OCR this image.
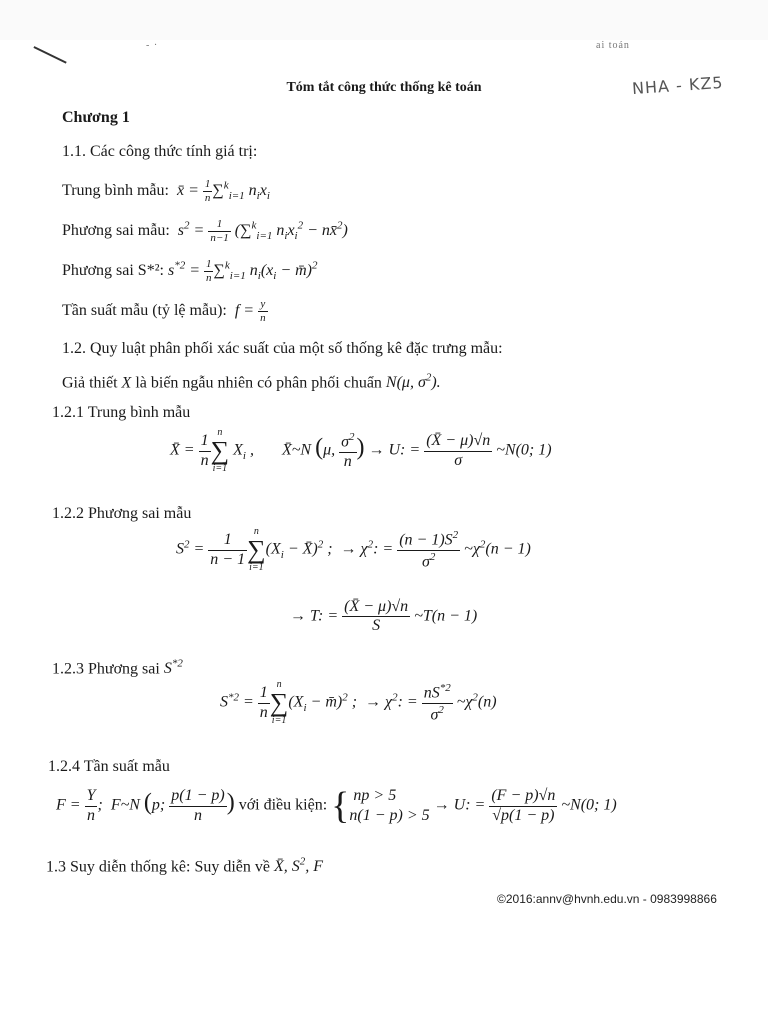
- ·	ai toán
Tóm tắt công thức thống kê toán	NHA - KZ5
Chương 1
1.1. Các công thức tính giá trị:
Trung bình mẫu: x̄ = $\frac{1}{n} \sum^k_{i=1}$ $n_ix_i$
Phương sai mẫu: $s^2 = \frac{1}{n-1} (\sum^k_{i=1}$ $n_ix_i^2$ − nx̄$^2$)
Phương sai S*²: $s^{*2} = \frac{1}{n} \sum^k_{i=1}$ $n_i(x_i$ − m̄)$^2$
Tần suất mẫu (tỷ lệ mẫu): $f = \frac{y}{n}$
1.2. Quy luật phân phối xác suất của một số thống kê đặc trưng mẫu:
Giả thiết X là biến ngẫu nhiên có phân phối chuẩn N(μ, $\sigma^2$).
1.2.1 Trung bình mẫu
X̄ = $\frac{1}{n}$ n
∑
i=1
$X_i$ ,       X̄~N (μ, $\frac{\sigma^2}{n}$ ) → U: = $\frac{(X̄ - \mu)√n}{\sigma}$ ~N(0; 1)
1.2.2 Phương sai mẫu
$S^2 = \frac{1}{n - 1}$ n
∑
i=1
($X_i$ − X̄)$^2$ ;  → $\chi^2$: = $\frac{(n - 1)S^2}{\sigma^2}$ $\sim\chi^2(n - 1)$
→ T: = $\frac{(X̄ - \mu)√n}{S}$ ~T(n − 1)
1.2.3 Phương sai $S^{*2}$
$S^{*2} = \frac{1}{n}$ n
∑
i=1
($X_i$ − m̄)$^2$ ;  → $\chi^2$: = $\frac{nS^{*2}}{\sigma^2}$ $\sim\chi^2(n)$
1.2.4 Tần suất mẫu
$F = \frac{Y}{n}$ ;  F~N (p; $\frac{p(1 - p)}{n}$ ) với điều kiện: { np > 5
n(1 − p) > 5 → U: = $\frac{(F - p)√n}{√p(1 - p)}$ ~N(0; 1)
1.3 Suy diễn thống kê: Suy diễn về X̄, $S^2$, F
©2016:annv@hvnh.edu.vn - 0983998866
